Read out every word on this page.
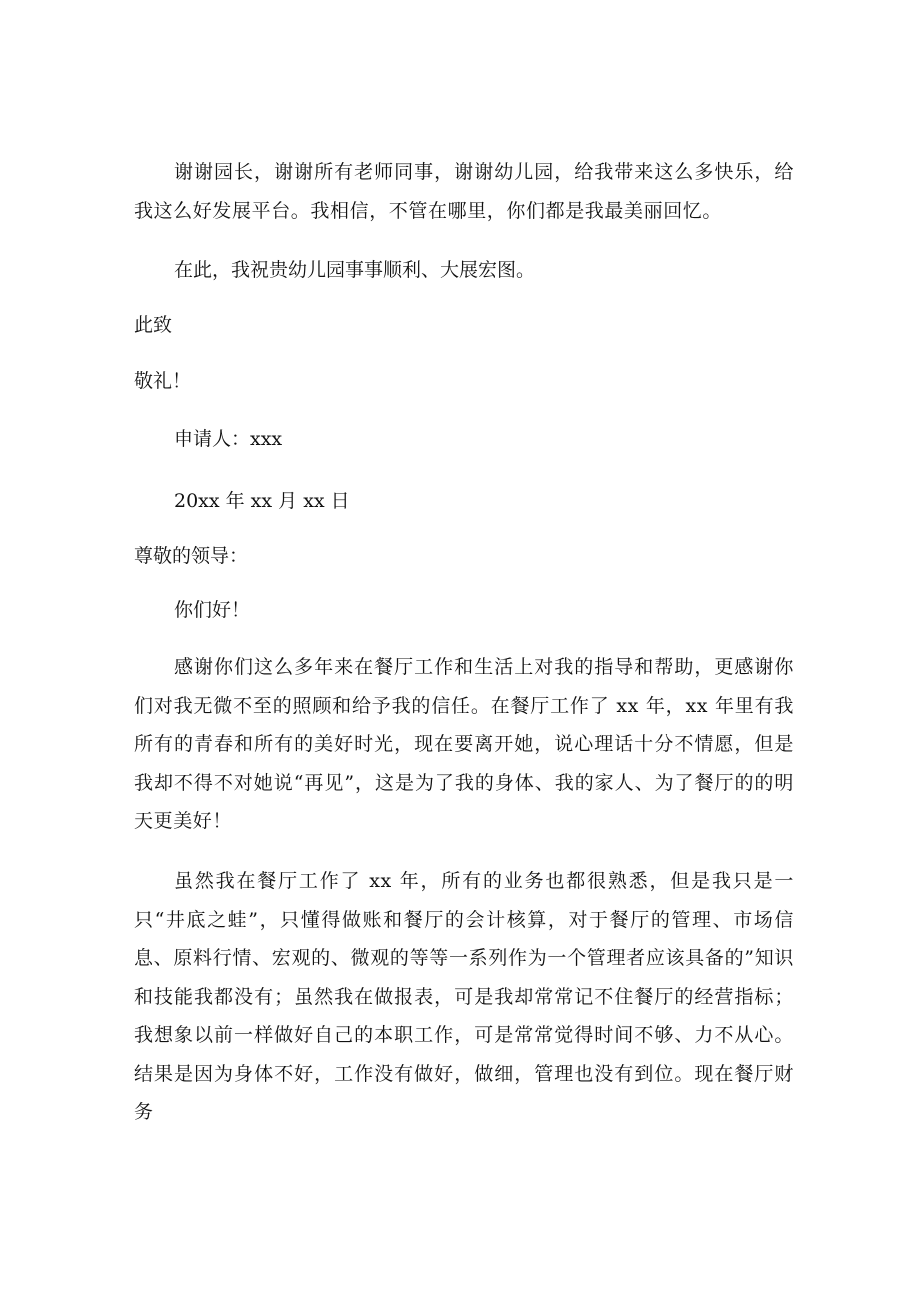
谢谢园长，谢谢所有老师同事，谢谢幼儿园，给我带来这么多快乐，给我这么好发展平台。我相信，不管在哪里，你们都是我最美丽回忆。

在此，我祝贵幼儿园事事顺利、大展宏图。

此致

敬礼！

申请人：xxx

20xx 年 xx 月 xx 日

尊敬的领导：

你们好！

感谢你们这么多年来在餐厅工作和生活上对我的指导和帮助，更感谢你们对我无微不至的照顾和给予我的信任。在餐厅工作了 xx 年，xx 年里有我所有的青春和所有的美好时光，现在要离开她，说心理话十分不情愿，但是我却不得不对她说“再见”，这是为了我的身体、我的家人、为了餐厅的的明天更美好！

虽然我在餐厅工作了 xx 年，所有的业务也都很熟悉，但是我只是一只“井底之蛙”，只懂得做账和餐厅的会计核算，对于餐厅的管理、市场信息、原料行情、宏观的、微观的等等一系列作为一个管理者应该具备的”知识和技能我都没有；虽然我在做报表，可是我却常常记不住餐厅的经营指标；我想象以前一样做好自己的本职工作，可是常常觉得时间不够、力不从心。结果是因为身体不好，工作没有做好，做细，管理也没有到位。现在餐厅财务
